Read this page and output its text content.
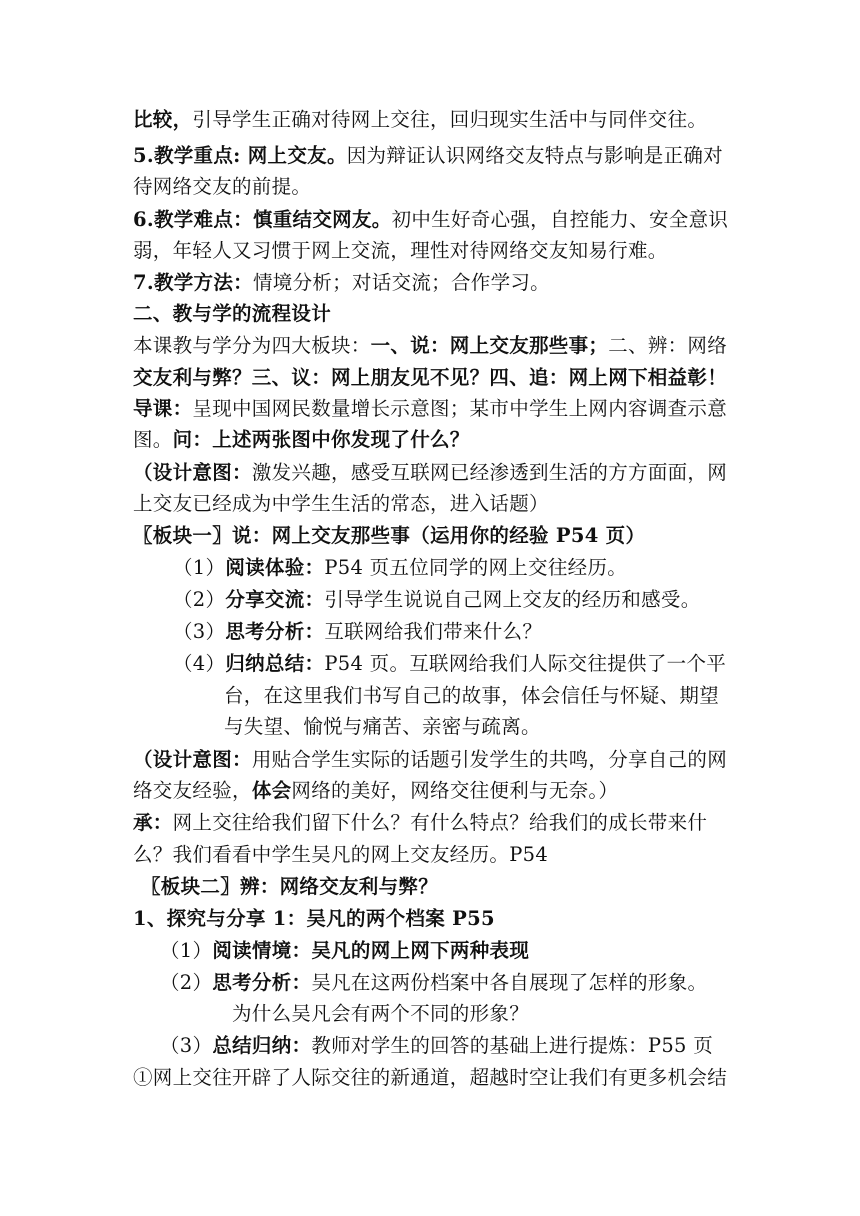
比较，引导学生正确对待网上交往，回归现实生活中与同伴交往。
5.教学重点: 网上交友。因为辩证认识网络交友特点与影响是正确对
待网络交友的前提。
6.教学难点：慎重结交网友。初中生好奇心强，自控能力、安全意识
弱，年轻人又习惯于网上交流，理性对待网络交友知易行难。
7.教学方法：情境分析；对话交流；合作学习。
二、教与学的流程设计
本课教与学分为四大板块：一、说：网上交友那些事；二、辨：网络
交友利与弊？三、议：网上朋友见不见？四、追：网上网下相益彰！
导课：呈现中国网民数量增长示意图；某市中学生上网内容调查示意
图。问：上述两张图中你发现了什么？
（设计意图：激发兴趣，感受互联网已经渗透到生活的方方面面，网
上交友已经成为中学生生活的常态，进入话题）
〖板块一〗说：网上交友那些事（运用你的经验 P54 页）
（1）阅读体验：P54 页五位同学的网上交往经历。
（2）分享交流：引导学生说说自己网上交友的经历和感受。
（3）思考分析：互联网给我们带来什么？
（4）归纳总结：P54 页。互联网给我们人际交往提供了一个平
台，在这里我们书写自己的故事，体会信任与怀疑、期望
与失望、愉悦与痛苦、亲密与疏离。
（设计意图：用贴合学生实际的话题引发学生的共鸣，分享自己的网
络交友经验，体会网络的美好，网络交往便利与无奈。）
承：网上交往给我们留下什么？有什么特点？给我们的成长带来什
么？我们看看中学生吴凡的网上交友经历。P54
〖板块二〗辨：网络交友利与弊？
1、探究与分享 1：吴凡的两个档案 P55
（1）阅读情境：吴凡的网上网下两种表现
（2）思考分析：吴凡在这两份档案中各自展现了怎样的形象。
为什么吴凡会有两个不同的形象？
（3）总结归纳：教师对学生的回答的基础上进行提炼：P55 页
①网上交往开辟了人际交往的新通道，超越时空让我们有更多机会结
